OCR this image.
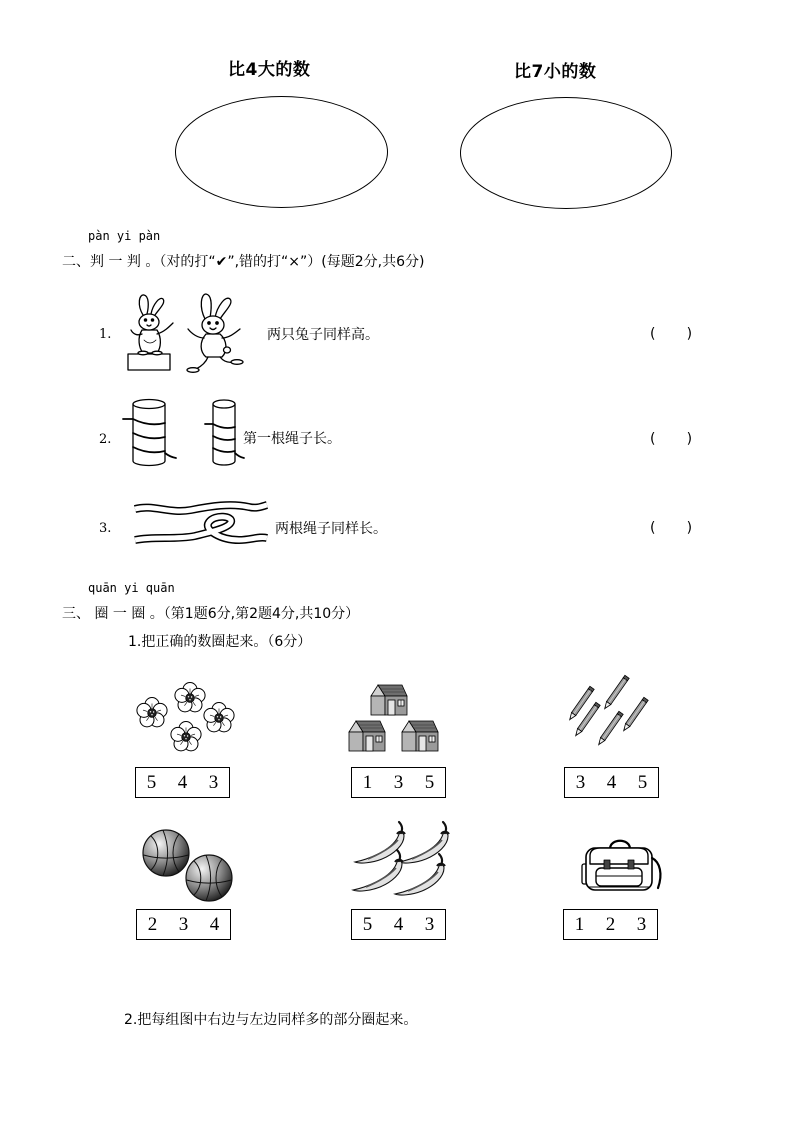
比4大的数	比7小的数
pàn yi pàn
二、判 一 判 。（对的打“✔”,错的打“×”）(每题2分,共6分)
1.	两只兔子同样高。	(       )
2.	第一根绳子长。	(       )
3.	两根绳子同样长。	(       )
quān yi quān
三、 圈 一 圈 。（第1题6分,第2题4分,共10分）
1.把正确的数圈起来。（6分）
5 4 3	1 3 5	3 4 5
2 3 4	5 4 3	1 2 3
2.把每组图中右边与左边同样多的部分圈起来。
